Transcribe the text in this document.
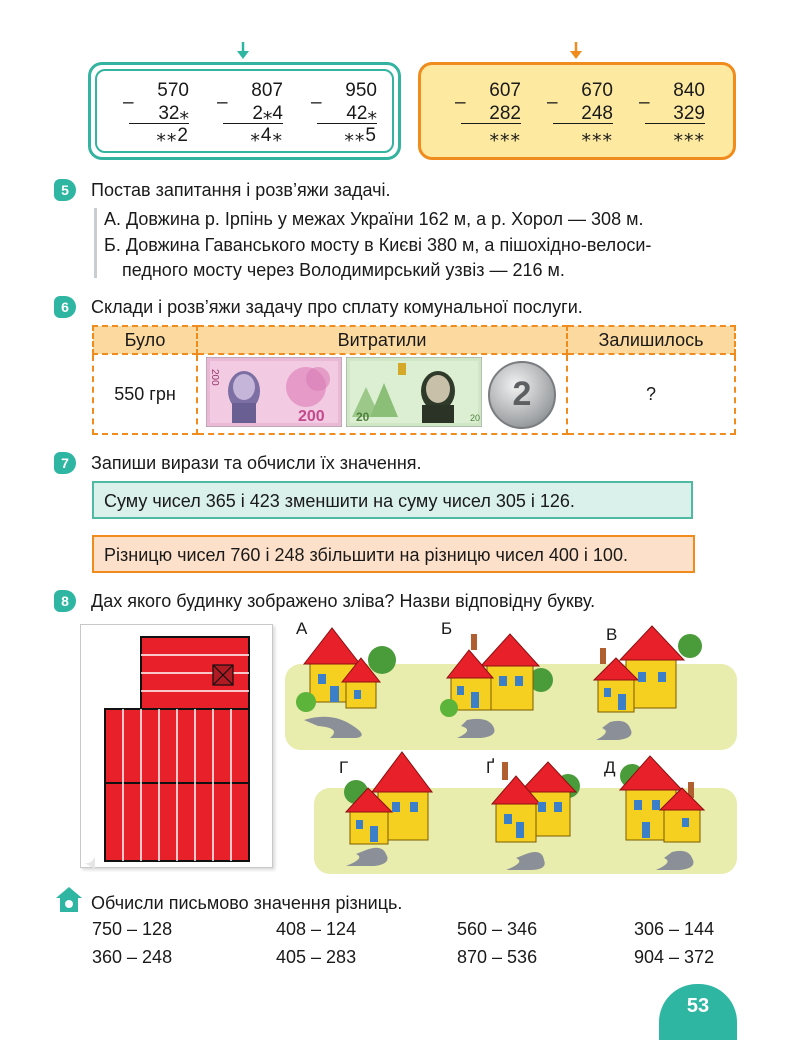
–
570
32⁎
⁎⁎2
–
807
2⁎4
⁎4⁎
–
950
42⁎
⁎⁎5
–
607
282
⁎⁎⁎
–
670
248
⁎⁎⁎
–
840
329
⁎⁎⁎
5	Постав запитання і розв’яжи задачі.
А. Довжина р. Ірпінь у межах України 162 м, а р. Хорол — 308 м.
Б. Довжина Гаванського мосту в Києві 380 м, а пішохідно-велоси-
педного мосту через Володимирський узвіз — 216 м.
6	Склади і розв’яжи задачу про сплату комунальної послуги.
Було	Витратили	Залишилось
550 грн		?
200
200
20	20
2
7	Запиши вирази та обчисли їх значення.
Суму чисел 365 і 423 зменшити на суму чисел 305 і 126.
Різницю чисел 760 і 248 збільшити на різницю чисел 400 і 100.
8	Дах якого будинку зображено зліва? Назви відповідну букву.
А	Б	В
Г	Ґ	Д
Обчисли письмово значення різниць.
750 – 128	408 – 124	560 – 346	306 – 144
360 – 248	405 – 283	870 – 536	904 – 372
53
